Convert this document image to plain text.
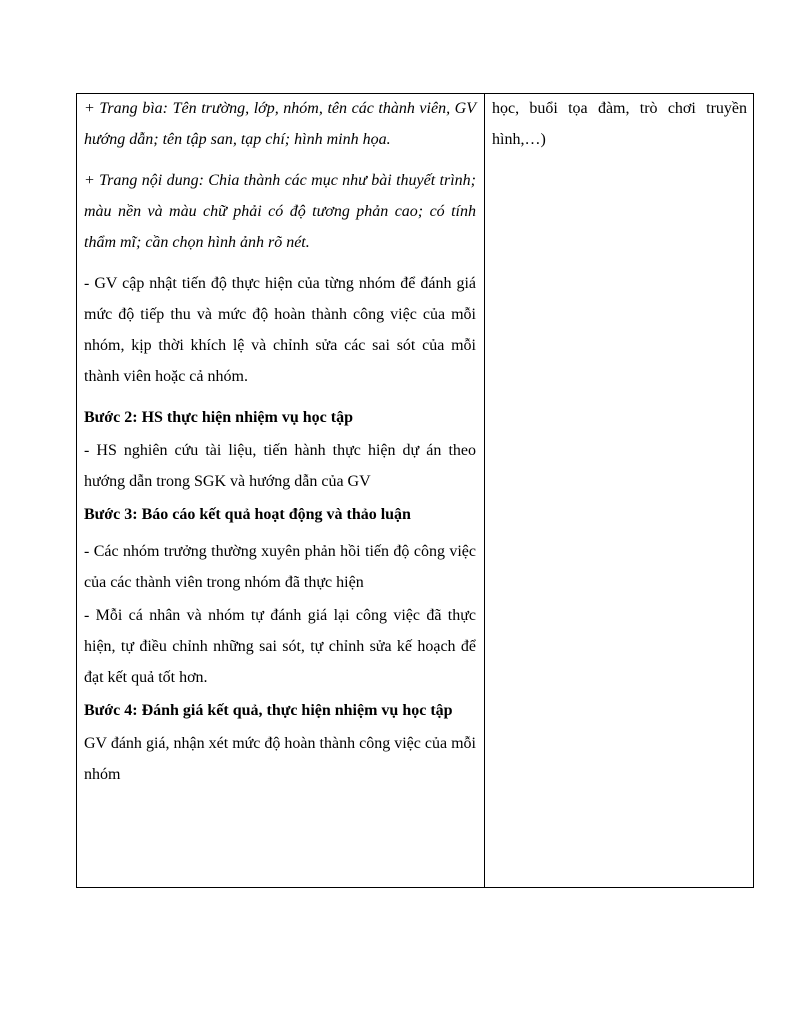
+ Trang bìa: Tên trường, lớp, nhóm, tên các thành viên, GV hướng dẫn; tên tập san, tạp chí; hình minh họa.

+ Trang nội dung: Chia thành các mục như bài thuyết trình; màu nền và màu chữ phải có độ tương phản cao; có tính thẩm mĩ; cần chọn hình ảnh rõ nét.

- GV cập nhật tiến độ thực hiện của từng nhóm để đánh giá mức độ tiếp thu và mức độ hoàn thành công việc của mỗi nhóm, kịp thời khích lệ và chỉnh sửa các sai sót của mỗi thành viên hoặc cả nhóm.

Bước 2: HS thực hiện nhiệm vụ học tập

- HS nghiên cứu tài liệu, tiến hành thực hiện dự án theo hướng dẫn trong SGK và hướng dẫn của GV

Bước 3: Báo cáo kết quả hoạt động và thảo luận

- Các nhóm trưởng thường xuyên phản hồi tiến độ công việc của các thành viên trong nhóm đã thực hiện

- Mỗi cá nhân và nhóm tự đánh giá lại công việc đã thực hiện, tự điều chỉnh những sai sót, tự chỉnh sửa kế hoạch để đạt kết quả tốt hơn.

Bước 4: Đánh giá kết quả, thực hiện nhiệm vụ học tập

GV đánh giá, nhận xét mức độ hoàn thành công việc của mỗi nhóm

học, buổi tọa đàm, trò chơi truyền hình,…)
